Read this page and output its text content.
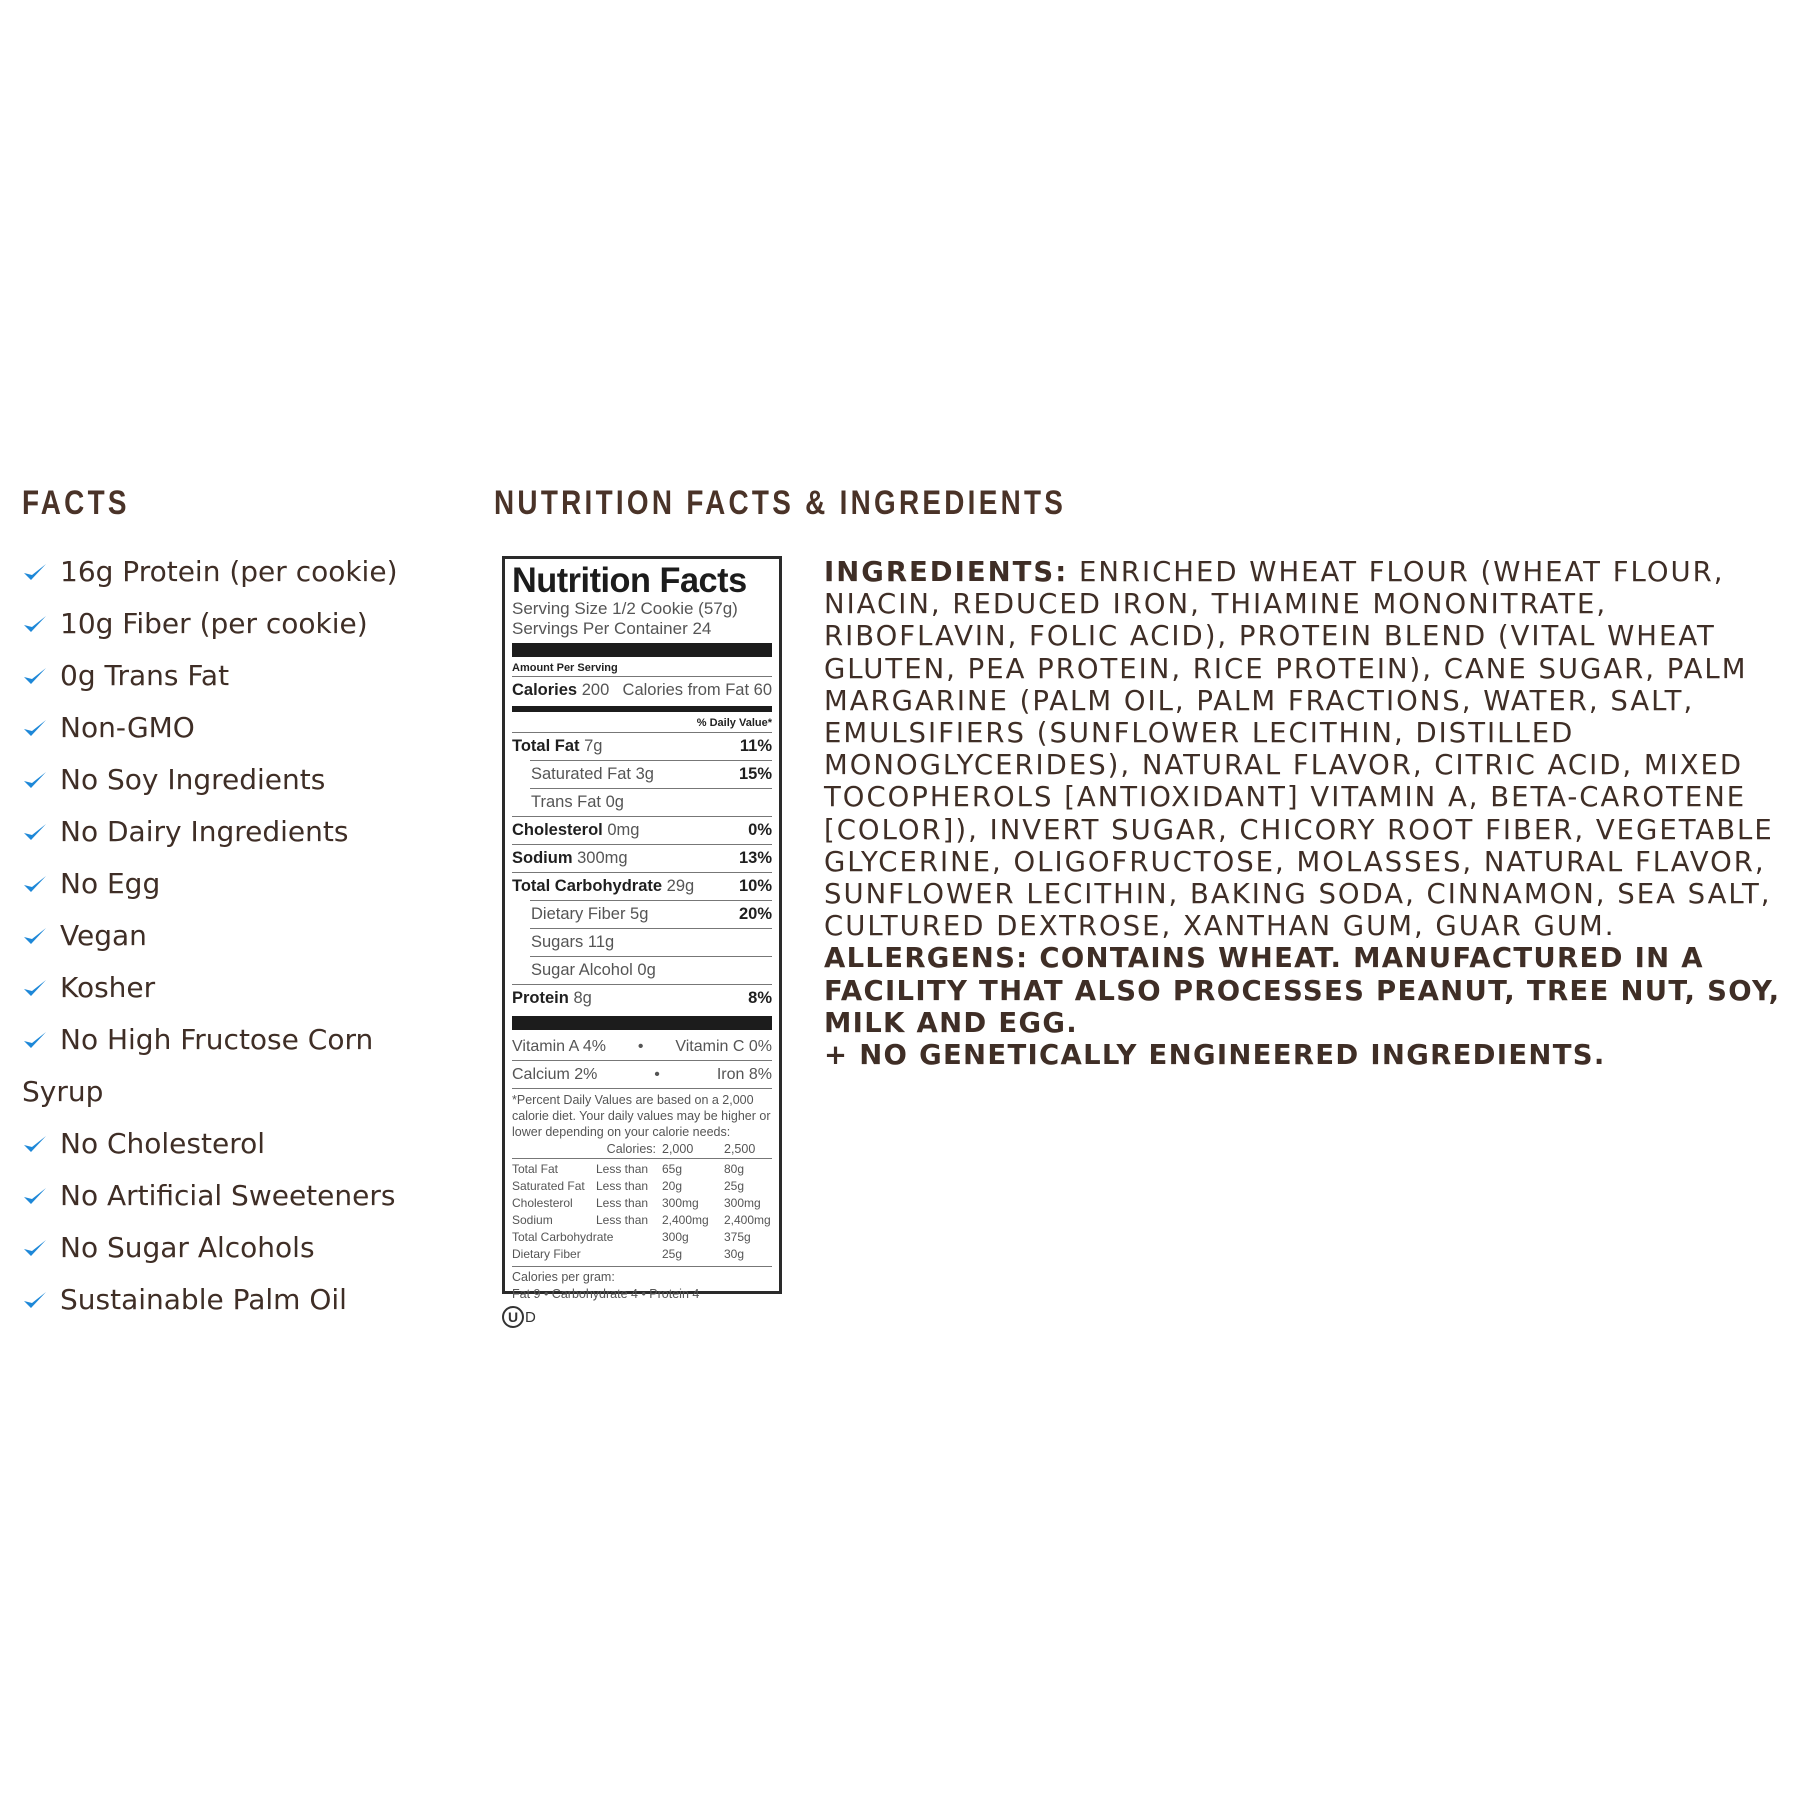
FACTS
16g Protein (per cookie)
10g Fiber (per cookie)
0g Trans Fat
Non-GMO
No Soy Ingredients
No Dairy Ingredients
No Egg
Vegan
Kosher
No High Fructose Corn
Syrup
No Cholesterol
No Artificial Sweeteners
No Sugar Alcohols
Sustainable Palm Oil
NUTRITION FACTS & INGREDIENTS
Nutrition Facts
Serving Size 1/2 Cookie (57g)
Servings Per Container 24
Amount Per Serving
Calories 200 Calories from Fat 60
% Daily Value*
Total Fat 7g	11%
Saturated Fat 3g	15%
Trans Fat 0g
Cholesterol 0mg	0%
Sodium 300mg	13%
Total Carbohydrate 29g	10%
Dietary Fiber 5g	20%
Sugars 11g
Sugar Alcohol 0g
Protein 8g	8%
Vitamin A 4% • Vitamin C 0%
Calcium 2%	•	Iron 8%
*Percent Daily Values are based on a 2,000 calorie diet. Your daily values may be higher or lower depending on your calorie needs:
Calories: 2,000	2,500
Total Fat	Less than	65g	80g
Saturated Fat Less than	20g	25g
Cholesterol	Less than	300mg	300mg
Sodium	Less than	2,400mg	2,400mg
Total Carbohydrate	300g	375g
Dietary Fiber	25g	30g
Calories per gram:
Fat 9 • Carbohydrate 4 • Protein 4
U D
INGREDIENTS: ENRICHED WHEAT FLOUR (WHEAT FLOUR, NIACIN, REDUCED IRON, THIAMINE MONONITRATE, RIBOFLAVIN, FOLIC ACID), PROTEIN BLEND (VITAL WHEAT GLUTEN, PEA PROTEIN, RICE PROTEIN), CANE SUGAR, PALM MARGARINE (PALM OIL, PALM FRACTIONS, WATER, SALT, EMULSIFIERS (SUNFLOWER LECITHIN, DISTILLED MONOGLYCERIDES), NATURAL FLAVOR, CITRIC ACID, MIXED TOCOPHEROLS [ANTIOXIDANT] VITAMIN A, BETA-CAROTENE [COLOR]), INVERT SUGAR, CHICORY ROOT FIBER, VEGETABLE GLYCERINE, OLIGOFRUCTOSE, MOLASSES, NATURAL FLAVOR, SUNFLOWER LECITHIN, BAKING SODA, CINNAMON, SEA SALT, CULTURED DEXTROSE, XANTHAN GUM, GUAR GUM.
ALLERGENS: CONTAINS WHEAT. MANUFACTURED IN A FACILITY THAT ALSO PROCESSES PEANUT, TREE NUT, SOY, MILK AND EGG.
+ NO GENETICALLY ENGINEERED INGREDIENTS.
